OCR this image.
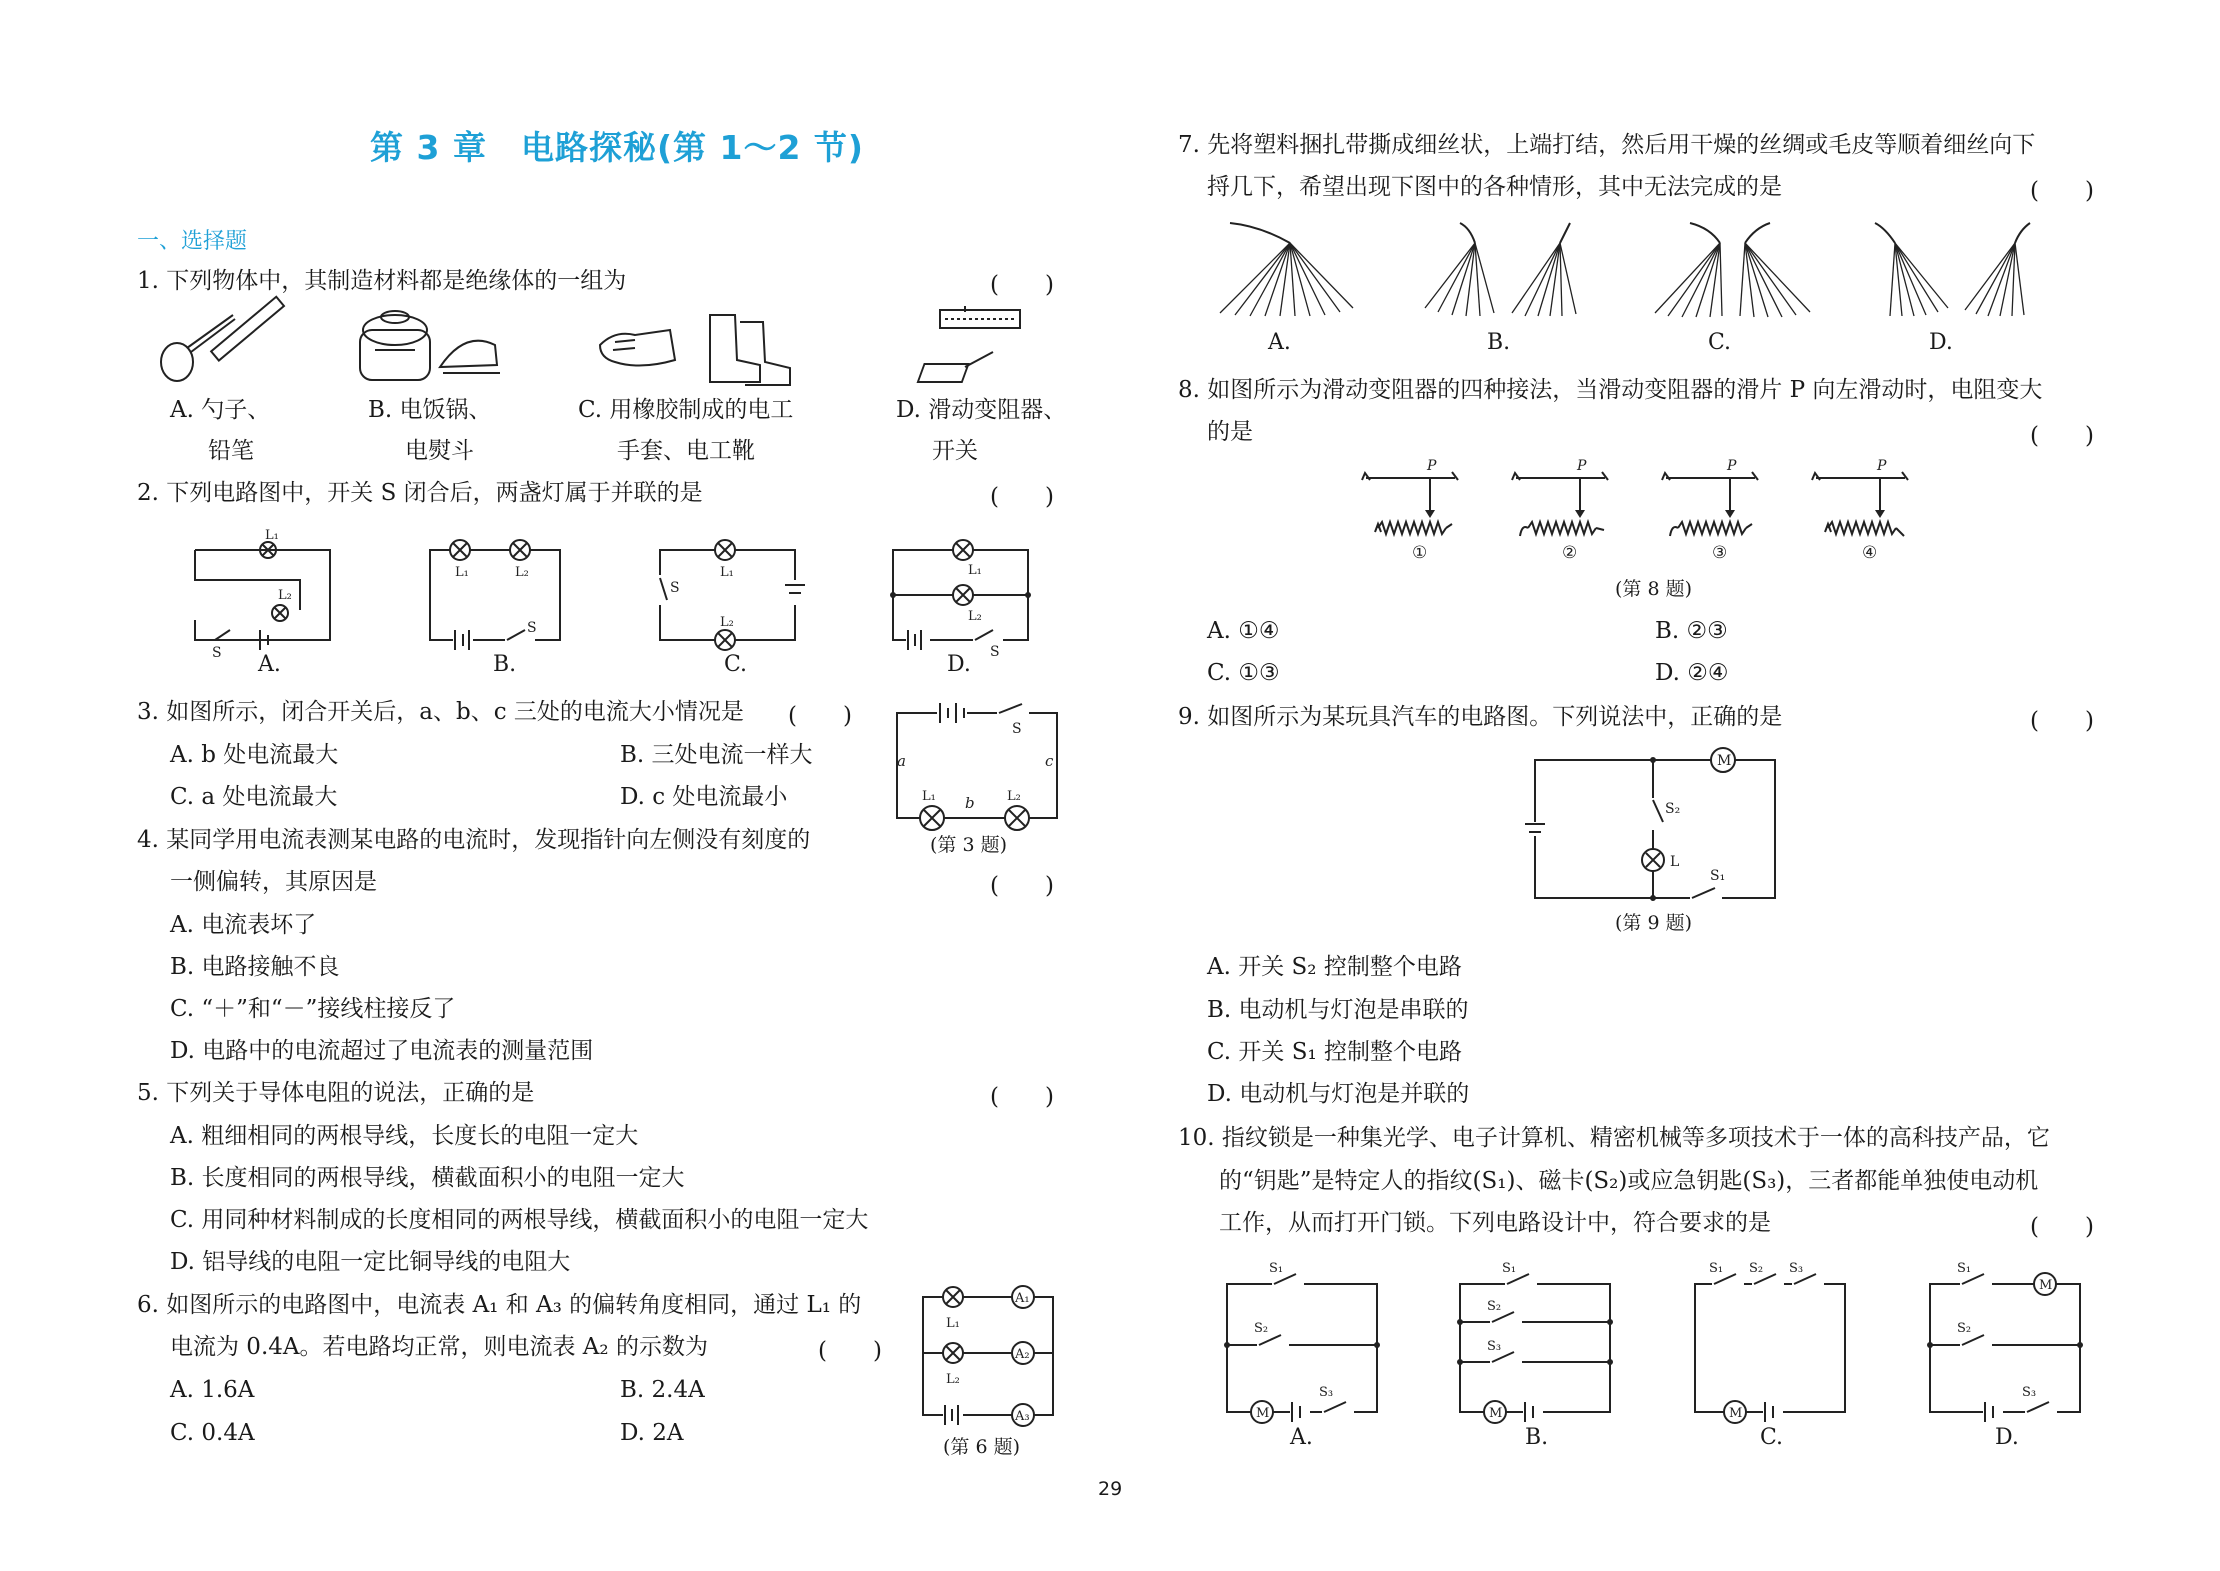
第 3 章　电路探秘(第 1～2 节)
一、选择题
1. 下列物体中，其制造材料都是绝缘体的一组为	(　　)
A. 勺子、
铅笔
B. 电饭锅、
电熨斗
C. 用橡胶制成的电工
手套、电工靴
D. 滑动变阻器、
开关
2. 下列电路图中，开关 S 闭合后，两盏灯属于并联的是	(　　)
L₁
L₂
S A.
L₁	L₂
S
B.
L₁
L₂
S
C.
L₁
L₂
S
D.
3. 如图所示，闭合开关后，a、b、c 三处的电流大小情况是 (　　)
A. b 处电流最大	B. 三处电流一样大
C. a 处电流最大	D. c 处电流最小
S
a	c
b
L₁	L₂
(第 3 题)
4. 某同学用电流表测某电路的电流时，发现指针向左侧没有刻度的
一侧偏转，其原因是	(　　)
A. 电流表坏了
B. 电路接触不良
C. “＋”和“－”接线柱接反了
D. 电路中的电流超过了电流表的测量范围
5. 下列关于导体电阻的说法，正确的是	(　　)
A. 粗细相同的两根导线，长度长的电阻一定大
B. 长度相同的两根导线，横截面积小的电阻一定大
C. 用同种材料制成的长度相同的两根导线，横截面积小的电阻一定大
D. 铝导线的电阻一定比铜导线的电阻大
6. 如图所示的电路图中，电流表 A₁ 和 A₃ 的偏转角度相同，通过 L₁ 的
电流为 0.4A。若电路均正常，则电流表 A₂ 的示数为	(　　)
A. 1.6A	B. 2.4A
C. 0.4A	D. 2A
L₁
L₂
A₁
A₂
A₃
(第 6 题)
7. 先将塑料捆扎带撕成细丝状，上端打结，然后用干燥的丝绸或毛皮等顺着细丝向下
捋几下，希望出现下图中的各种情形，其中无法完成的是	(　　)
A.	B.	C.	D.
8. 如图所示为滑动变阻器的四种接法，当滑动变阻器的滑片 P 向左滑动时，电阻变大
的是	(　　)
P	P	P	P
①	②	③	④
(第 8 题)
A. ①④	B. ②③
C. ①③	D. ②④
9. 如图所示为某玩具汽车的电路图。下列说法中，正确的是	(　　)
M
S₂
L
S₁
(第 9 题)
A. 开关 S₂ 控制整个电路
B. 电动机与灯泡是串联的
C. 开关 S₁ 控制整个电路
D. 电动机与灯泡是并联的
10. 指纹锁是一种集光学、电子计算机、精密机械等多项技术于一体的高科技产品，它
的“钥匙”是特定人的指纹(S₁)、磁卡(S₂)或应急钥匙(S₃)，三者都能单独使电动机
工作，从而打开门锁。下列电路设计中，符合要求的是	(　　)
S₁
S₂
M
S₃
A.
S₁
S₂
S₃
M
B.
S₁ S₂ S₃
M
C.
S₁
M
S₂
S₃
D.
29
